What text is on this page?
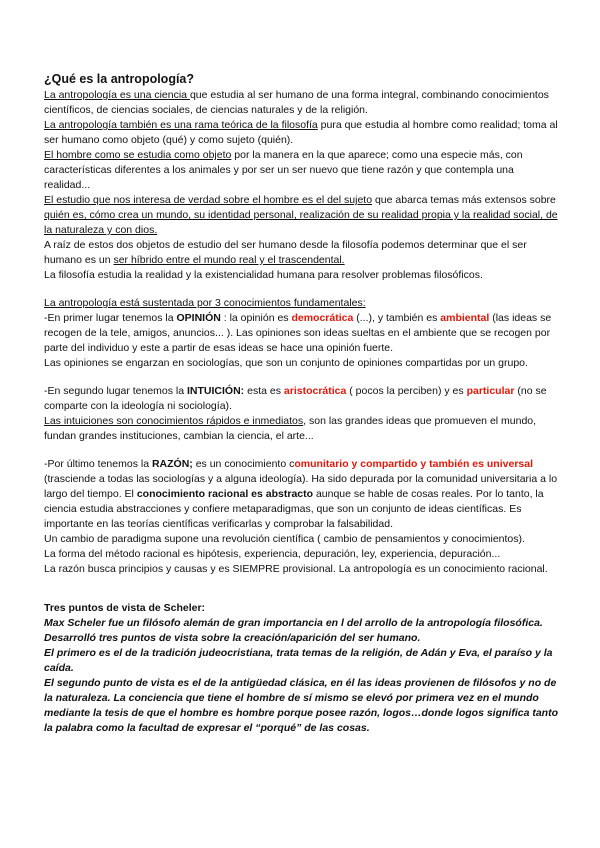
¿Qué es la antropología?

La antropología es una ciencia que estudia al ser humano de una forma integral, combinando conocimientos científicos, de ciencias sociales, de ciencias naturales y de la religión.

La antropología también es una rama teórica de la filosofía pura que estudia al hombre como realidad; toma al ser humano como objeto (qué) y como sujeto (quién).

El hombre como se estudia como objeto por la manera en la que aparece; como una especie más, con características diferentes a los animales y por ser un ser nuevo que tiene razón y que contempla una realidad...

El estudio que nos interesa de verdad sobre el hombre es el del sujeto que abarca temas más extensos sobre quién es, cómo crea un mundo, su identidad personal, realización de su realidad propia y la realidad social, de la naturaleza y con dios.

A raíz de estos dos objetos de estudio del ser humano desde la filosofía podemos determinar que el ser humano es un ser híbrido entre el mundo real y el trascendental.

La filosofía estudia la realidad y la existencialidad humana para resolver problemas filosóficos.

La antropología está sustentada por 3 conocimientos fundamentales:

-En primer lugar tenemos la OPINIÓN : la opinión es democrática (...), y también es ambiental (las ideas se recogen de la tele, amigos, anuncios... ). Las opiniones son ideas sueltas en el ambiente que se recogen por parte del individuo y este a partir de esas ideas se hace una opinión fuerte.

Las opiniones se engarzan en sociologías, que son un conjunto de opiniones compartidas por un grupo.

-En segundo lugar tenemos la INTUICIÓN: esta es aristocrática ( pocos la perciben) y es particular (no se comparte con la ideología ni sociología).

Las intuiciones son conocimientos rápidos e inmediatos, son las grandes ideas que promueven el mundo, fundan grandes instituciones, cambian la ciencia, el arte...

-Por último tenemos la RAZÓN; es un conocimiento comunitario y compartido y también es universal (trasciende a todas las sociologías y a alguna ideología). Ha sido depurada por la comunidad universitaria a lo largo del tiempo. El conocimiento racional es abstracto aunque se hable de cosas reales. Por lo tanto, la ciencia estudia abstracciones y confiere metaparadigmas, que son un conjunto de ideas científicas. Es importante en las teorías científicas verificarlas y comprobar la falsabilidad.

Un cambio de paradigma supone una revolución científica ( cambio de pensamientos y conocimientos).

La forma del método racional es hipótesis, experiencia, depuración, ley, experiencia, depuración...

La razón busca principios y causas y es SIEMPRE provisional. La antropología es un conocimiento racional.

Tres puntos de vista de Scheler:

Max Scheler fue un filósofo alemán de gran importancia en l del arrollo de la antropología filosófica. Desarrolló tres puntos de vista sobre la creación/aparición del ser humano.

El primero es el de la tradición judeocristiana, trata temas de la religión, de Adán y Eva, el paraíso y la caída.

El segundo punto de vista es el de la antigüedad clásica, en él las ideas provienen de filósofos y no de la naturaleza. La conciencia que tiene el hombre de sí mismo se elevó por primera vez en el mundo mediante la tesis de que el hombre es hombre porque posee razón, logos…donde logos significa tanto la palabra como la facultad de expresar el “porqué” de las cosas.
